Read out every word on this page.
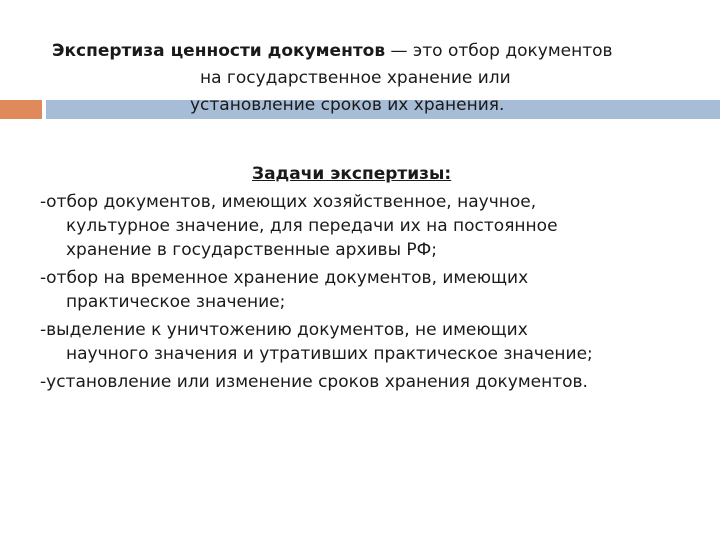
Экспертиза ценности документов — это отбор документов
на государственное хранение или
установление сроков их хранения.
Задачи экспертизы:
-отбор документов, имеющих хозяйственное, научное,
культурное значение, для передачи их на постоянное
хранение в государственные архивы РФ;
-отбор на временное хранение документов, имеющих
практическое значение;
-выделение к уничтожению документов, не имеющих
научного значения и утративших практическое значение;
-установление или изменение сроков хранения документов.
